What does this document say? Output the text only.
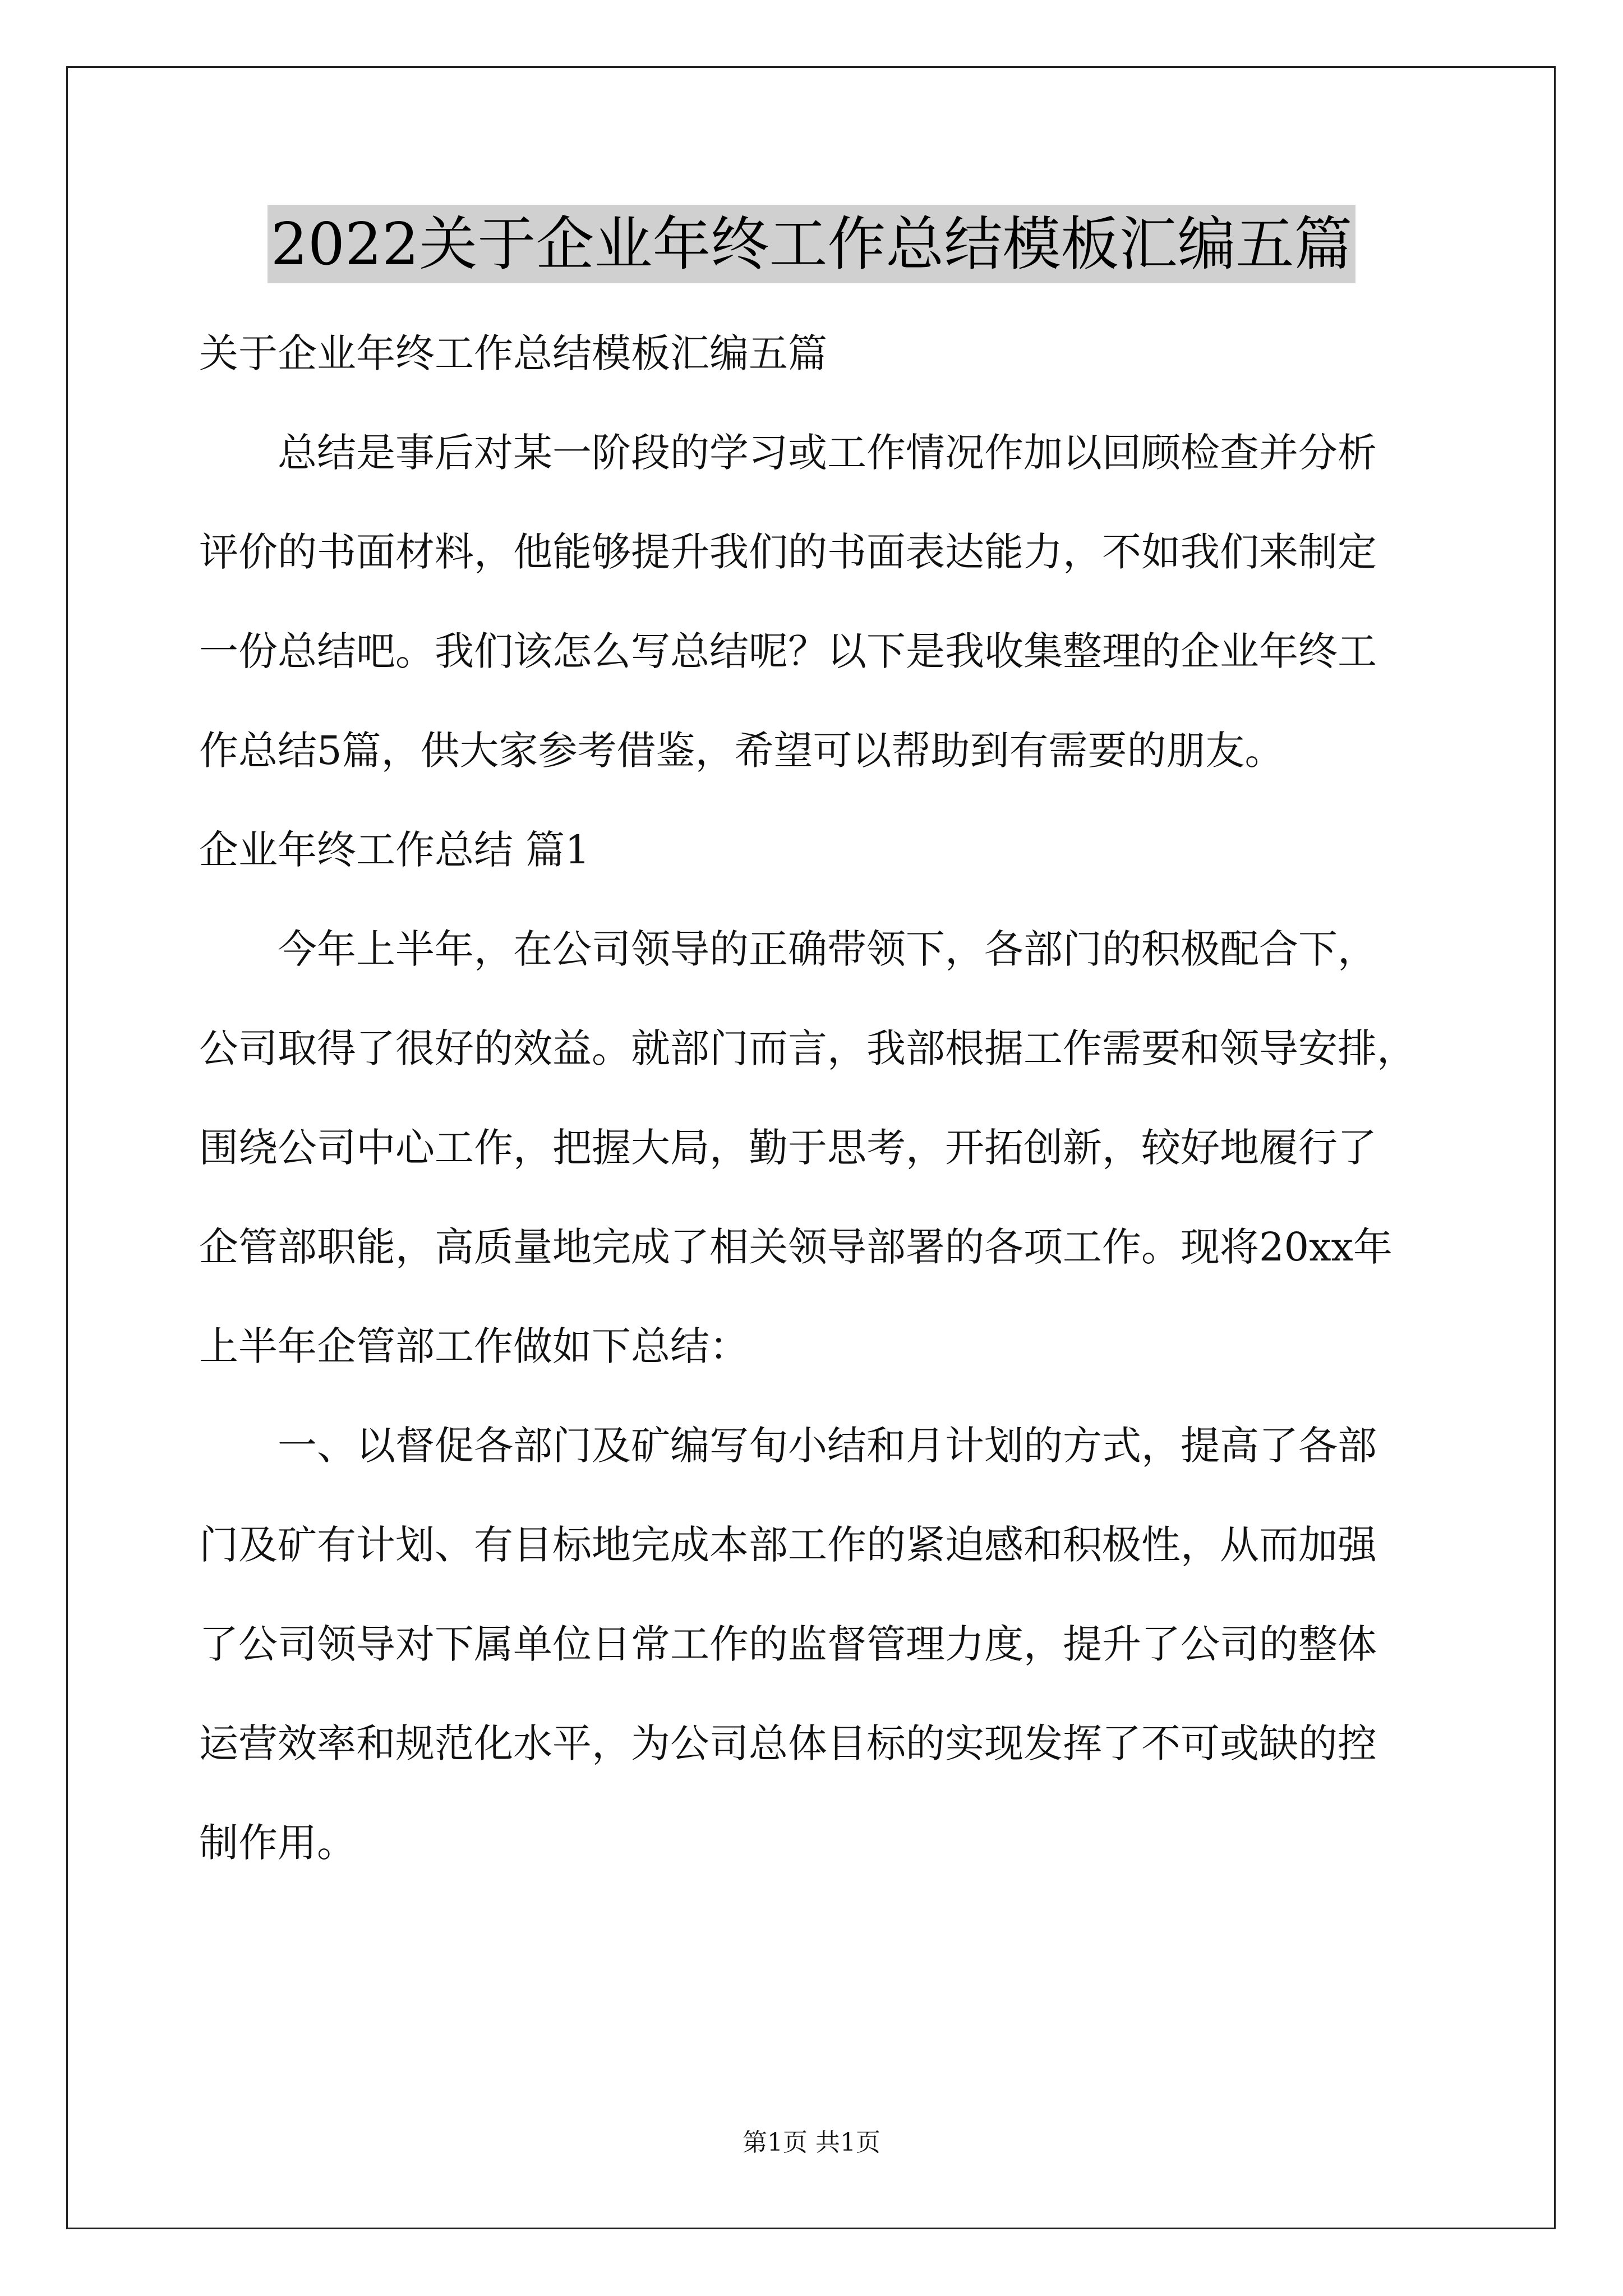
2022关于企业年终工作总结模板汇编五篇
关于企业年终工作总结模板汇编五篇
总结是事后对某一阶段的学习或工作情况作加以回顾检查并分析
评价的书面材料，他能够提升我们的书面表达能力，不如我们来制定
一份总结吧。我们该怎么写总结呢？以下是我收集整理的企业年终工
作总结5篇，供大家参考借鉴，希望可以帮助到有需要的朋友。
企业年终工作总结 篇1
今年上半年，在公司领导的正确带领下，各部门的积极配合下，
公司取得了很好的效益。就部门而言，我部根据工作需要和领导安排，
围绕公司中心工作，把握大局，勤于思考，开拓创新，较好地履行了
企管部职能，高质量地完成了相关领导部署的各项工作。现将20xx年
上半年企管部工作做如下总结：
一、以督促各部门及矿编写旬小结和月计划的方式，提高了各部
门及矿有计划、有目标地完成本部工作的紧迫感和积极性，从而加强
了公司领导对下属单位日常工作的监督管理力度，提升了公司的整体
运营效率和规范化水平，为公司总体目标的实现发挥了不可或缺的控
制作用。
第1页 共1页
